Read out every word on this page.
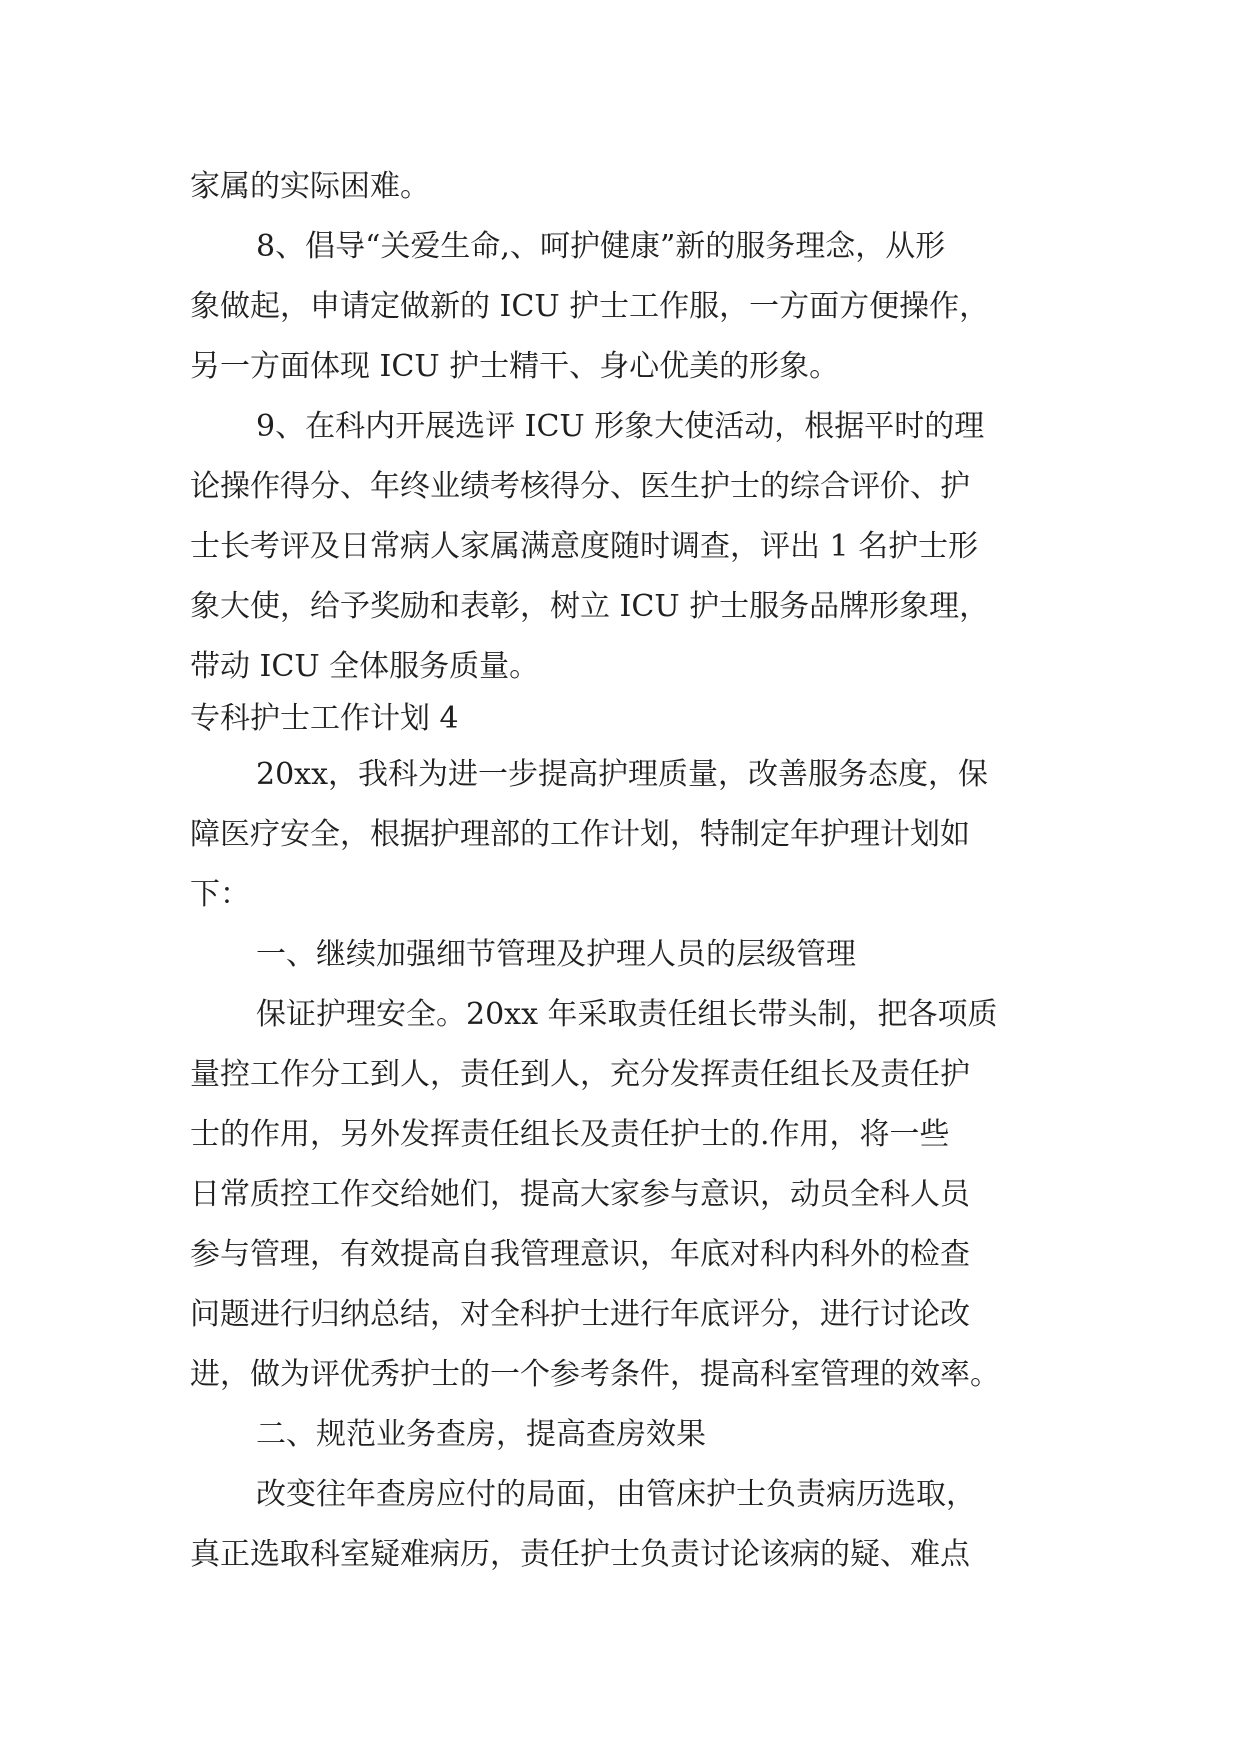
家属的实际困难。
8、倡导“关爱生命,、呵护健康”新的服务理念，从形
象做起，申请定做新的 ICU 护士工作服，一方面方便操作，
另一方面体现 ICU 护士精干、身心优美的形象。
9、在科内开展选评 ICU 形象大使活动，根据平时的理
论操作得分、年终业绩考核得分、医生护士的综合评价、护
士长考评及日常病人家属满意度随时调查，评出 1 名护士形
象大使，给予奖励和表彰，树立 ICU 护士服务品牌形象理，
带动 ICU 全体服务质量。
专科护士工作计划 4
20xx，我科为进一步提高护理质量，改善服务态度，保
障医疗安全，根据护理部的工作计划，特制定年护理计划如
下：
一、继续加强细节管理及护理人员的层级管理
保证护理安全。20xx 年采取责任组长带头制，把各项质
量控工作分工到人，责任到人，充分发挥责任组长及责任护
士的作用，另外发挥责任组长及责任护士的.作用，将一些
日常质控工作交给她们，提高大家参与意识，动员全科人员
参与管理，有效提高自我管理意识，年底对科内科外的检查
问题进行归纳总结，对全科护士进行年底评分，进行讨论改
进，做为评优秀护士的一个参考条件，提高科室管理的效率。
二、规范业务查房，提高查房效果
改变往年查房应付的局面，由管床护士负责病历选取，
真正选取科室疑难病历，责任护士负责讨论该病的疑、难点
